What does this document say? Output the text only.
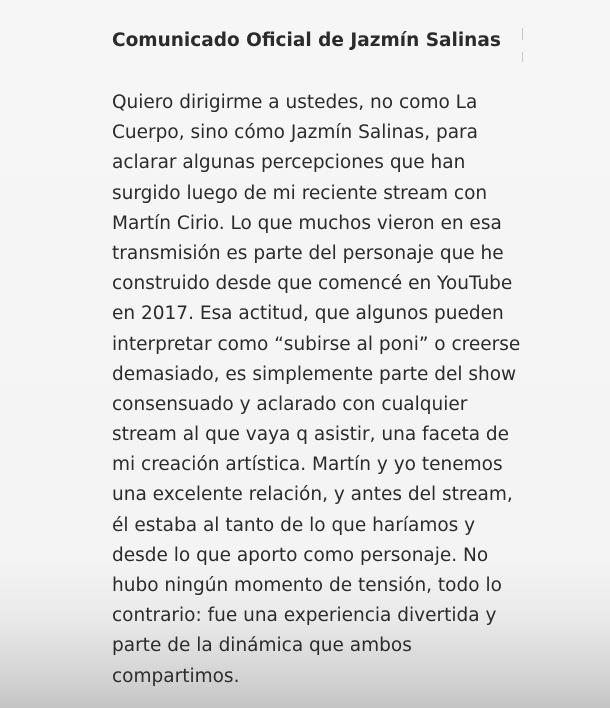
Comunicado Oficial de Jazmín Salinas
Quiero dirigirme a ustedes, no como La
Cuerpo, sino cómo Jazmín Salinas, para
aclarar algunas percepciones que han
surgido luego de mi reciente stream con
Martín Cirio. Lo que muchos vieron en esa
transmisión es parte del personaje que he
construido desde que comencé en YouTube
en 2017. Esa actitud, que algunos pueden
interpretar como “subirse al poni” o creerse
demasiado, es simplemente parte del show
consensuado y aclarado con cualquier
stream al que vaya q asistir, una faceta de
mi creación artística. Martín y yo tenemos
una excelente relación, y antes del stream,
él estaba al tanto de lo que haríamos y
desde lo que aporto como personaje. No
hubo ningún momento de tensión, todo lo
contrario: fue una experiencia divertida y
parte de la dinámica que ambos
compartimos.
